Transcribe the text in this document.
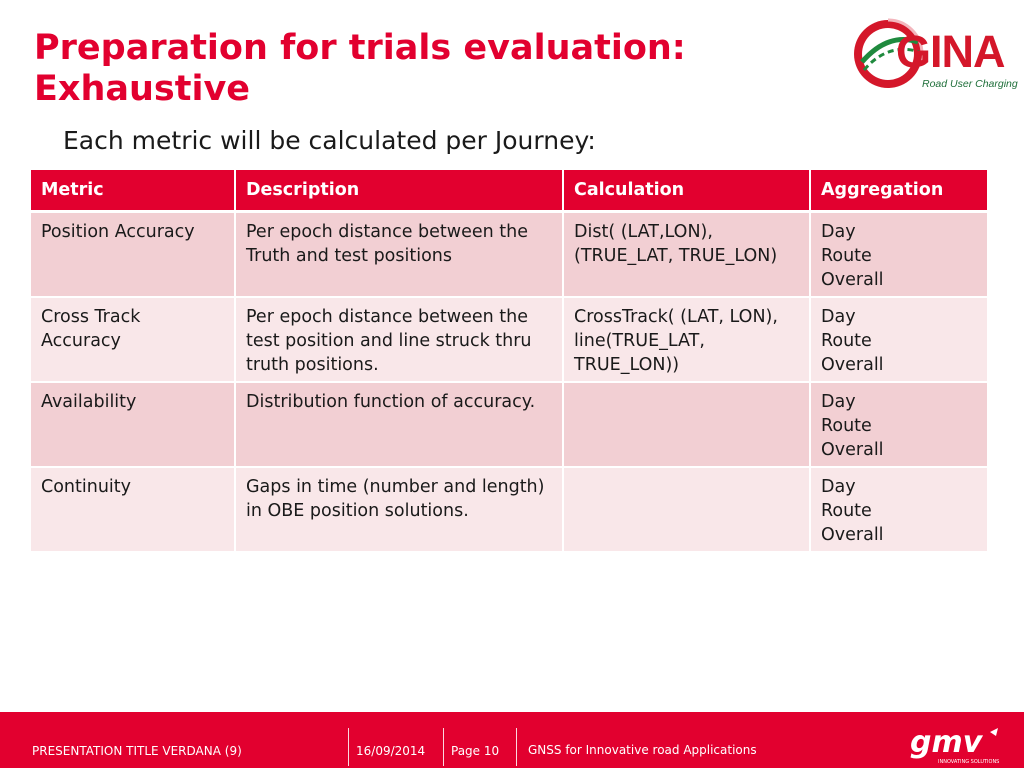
Preparation for trials evaluation:
Exhaustive
GINA
Road User Charging

Each metric will be calculated per Journey:

Metric	Description	Calculation	Aggregation
Position Accuracy	Per epoch distance between the Truth and test positions	Dist( (LAT,LON), (TRUE_LAT, TRUE_LON)	Day
Route
Overall

Cross Track Accuracy	Per epoch distance between the test position and line struck thru truth positions.	CrossTrack( (LAT, LON), line(TRUE_LAT, TRUE_LON))	Day
Route
Overall

Availability	Distribution function of accuracy.		Day
Route
Overall

Continuity	Gaps in time (number and length) in OBE position solutions.		Day
Route
Overall
PRESENTATION TITLE VERDANA (9)	16/09/2014 Page 10 GNSS for Innovative road Applications	gmv
INNOVATING SOLUTIONS
